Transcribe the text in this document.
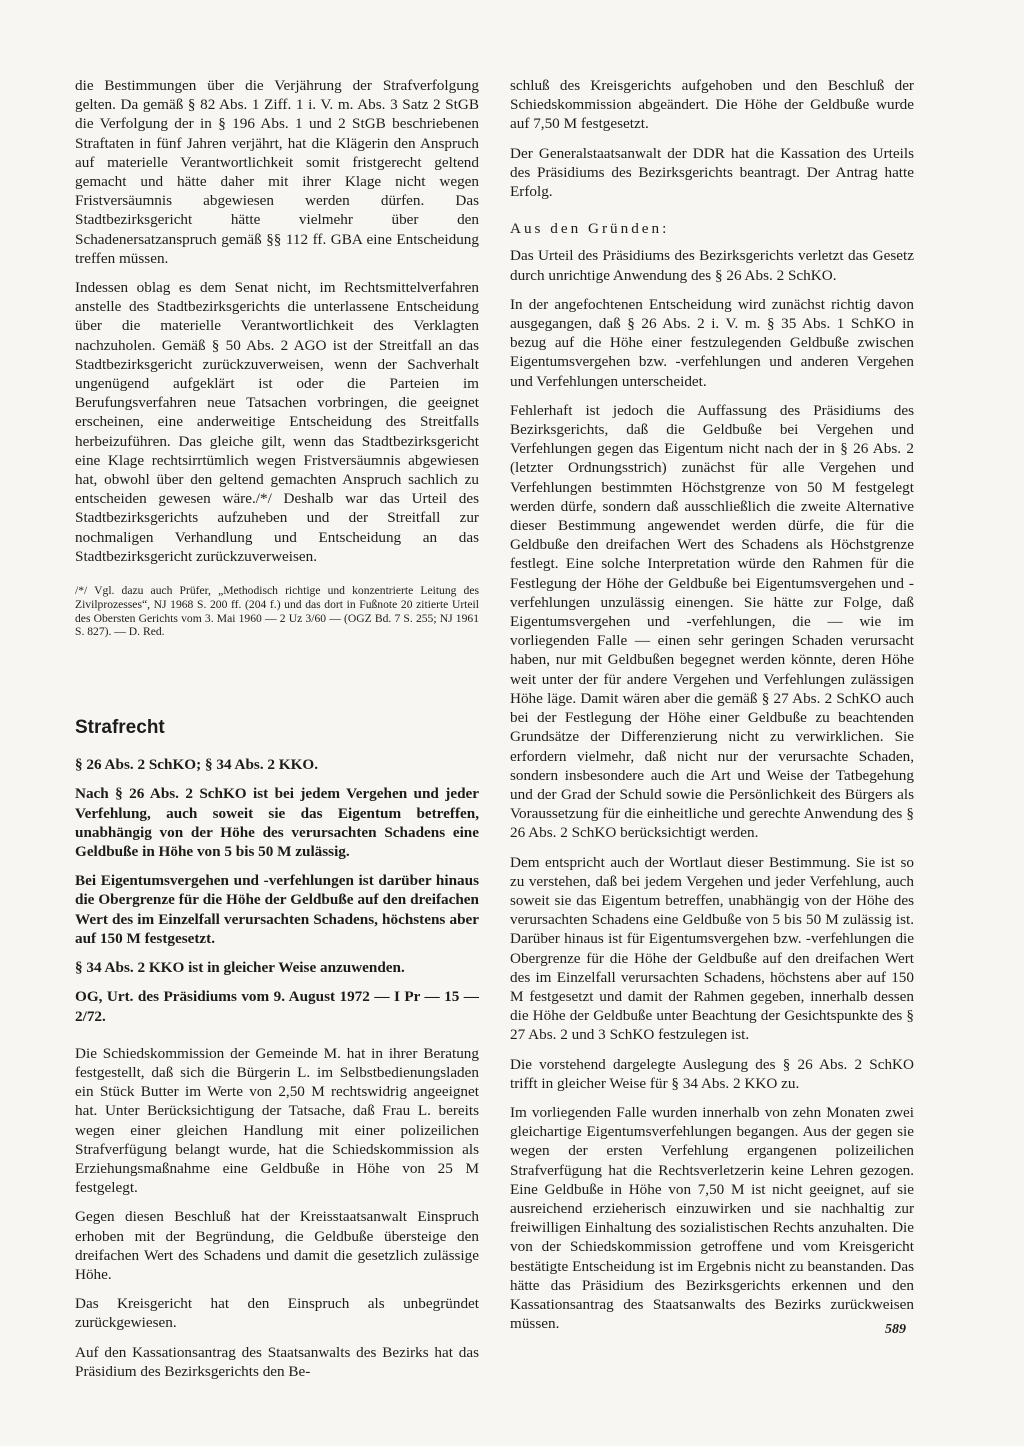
die Bestimmungen über die Verjährung der Strafverfolgung gelten. Da gemäß § 82 Abs. 1 Ziff. 1 i. V. m. Abs. 3 Satz 2 StGB die Verfolgung der in § 196 Abs. 1 und 2 StGB beschriebenen Straftaten in fünf Jahren verjährt, hat die Klägerin den Anspruch auf materielle Verantwortlichkeit somit fristgerecht geltend gemacht und hätte daher mit ihrer Klage nicht wegen Fristversäumnis abgewiesen werden dürfen. Das Stadtbezirksgericht hätte vielmehr über den Schadenersatzanspruch gemäß §§ 112 ff. GBA eine Entscheidung treffen müssen.

Indessen oblag es dem Senat nicht, im Rechtsmittelverfahren anstelle des Stadtbezirksgerichts die unterlassene Entscheidung über die materielle Verantwortlichkeit des Verklagten nachzuholen. Gemäß § 50 Abs. 2 AGO ist der Streitfall an das Stadtbezirksgericht zurückzuverweisen, wenn der Sachverhalt ungenügend aufgeklärt ist oder die Parteien im Berufungsverfahren neue Tatsachen vorbringen, die geeignet erscheinen, eine anderweitige Entscheidung des Streitfalls herbeizuführen. Das gleiche gilt, wenn das Stadtbezirksgericht eine Klage rechtsirrtümlich wegen Fristversäumnis abgewiesen hat, obwohl über den geltend gemachten Anspruch sachlich zu entscheiden gewesen wäre./*/ Deshalb war das Urteil des Stadtbezirksgerichts aufzuheben und der Streitfall zur nochmaligen Verhandlung und Entscheidung an das Stadtbezirksgericht zurückzuverweisen.

/*/ Vgl. dazu auch Prüfer, „Methodisch richtige und konzentrierte Leitung des Zivilprozesses“, NJ 1968 S. 200 ff. (204 f.) und das dort in Fußnote 20 zitierte Urteil des Obersten Gerichts vom 3. Mai 1960 — 2 Uz 3/60 — (OGZ Bd. 7 S. 255; NJ 1961 S. 827). — D. Red.
Strafrecht

§ 26 Abs. 2 SchKO; § 34 Abs. 2 KKO.

Nach § 26 Abs. 2 SchKO ist bei jedem Vergehen und jeder Verfehlung, auch soweit sie das Eigentum betreffen, unabhängig von der Höhe des verursachten Schadens eine Geldbuße in Höhe von 5 bis 50 M zulässig.

Bei Eigentumsvergehen und -verfehlungen ist darüber hinaus die Obergrenze für die Höhe der Geldbuße auf den dreifachen Wert des im Einzelfall verursachten Schadens, höchstens aber auf 150 M festgesetzt.

§ 34 Abs. 2 KKO ist in gleicher Weise anzuwenden.

OG, Urt. des Präsidiums vom 9. August 1972 — I Pr — 15 — 2/72.

Die Schiedskommission der Gemeinde M. hat in ihrer Beratung festgestellt, daß sich die Bürgerin L. im Selbstbedienungsladen ein Stück Butter im Werte von 2,50 M rechtswidrig angeeignet hat. Unter Berücksichtigung der Tatsache, daß Frau L. bereits wegen einer gleichen Handlung mit einer polizeilichen Strafverfügung belangt wurde, hat die Schiedskommission als Erziehungsmaßnahme eine Geldbuße in Höhe von 25 M festgelegt.

Gegen diesen Beschluß hat der Kreisstaatsanwalt Einspruch erhoben mit der Begründung, die Geldbuße übersteige den dreifachen Wert des Schadens und damit die gesetzlich zulässige Höhe.

Das Kreisgericht hat den Einspruch als unbegründet zurückgewiesen.

Auf den Kassationsantrag des Staatsanwalts des Bezirks hat das Präsidium des Bezirksgerichts den Be-

schluß des Kreisgerichts aufgehoben und den Beschluß der Schiedskommission abgeändert. Die Höhe der Geldbuße wurde auf 7,50 M festgesetzt.

Der Generalstaatsanwalt der DDR hat die Kassation des Urteils des Präsidiums des Bezirksgerichts beantragt. Der Antrag hatte Erfolg.

Aus den Gründen:

Das Urteil des Präsidiums des Bezirksgerichts verletzt das Gesetz durch unrichtige Anwendung des § 26 Abs. 2 SchKO.

In der angefochtenen Entscheidung wird zunächst richtig davon ausgegangen, daß § 26 Abs. 2 i. V. m. § 35 Abs. 1 SchKO in bezug auf die Höhe einer festzulegenden Geldbuße zwischen Eigentumsvergehen bzw. -verfehlungen und anderen Vergehen und Verfehlungen unterscheidet.

Fehlerhaft ist jedoch die Auffassung des Präsidiums des Bezirksgerichts, daß die Geldbuße bei Vergehen und Verfehlungen gegen das Eigentum nicht nach der in § 26 Abs. 2 (letzter Ordnungsstrich) zunächst für alle Vergehen und Verfehlungen bestimmten Höchstgrenze von 50 M festgelegt werden dürfe, sondern daß ausschließlich die zweite Alternative dieser Bestimmung angewendet werden dürfe, die für die Geldbuße den dreifachen Wert des Schadens als Höchstgrenze festlegt. Eine solche Interpretation würde den Rahmen für die Festlegung der Höhe der Geldbuße bei Eigentumsvergehen und -verfehlungen unzulässig einengen. Sie hätte zur Folge, daß Eigentumsvergehen und -verfehlungen, die — wie im vorliegenden Falle — einen sehr geringen Schaden verursacht haben, nur mit Geldbußen begegnet werden könnte, deren Höhe weit unter der für andere Vergehen und Verfehlungen zulässigen Höhe läge. Damit wären aber die gemäß § 27 Abs. 2 SchKO auch bei der Festlegung der Höhe einer Geldbuße zu beachtenden Grundsätze der Differenzierung nicht zu verwirklichen. Sie erfordern vielmehr, daß nicht nur der verursachte Schaden, sondern insbesondere auch die Art und Weise der Tatbegehung und der Grad der Schuld sowie die Persönlichkeit des Bürgers als Voraussetzung für die einheitliche und gerechte Anwendung des § 26 Abs. 2 SchKO berücksichtigt werden.

Dem entspricht auch der Wortlaut dieser Bestimmung. Sie ist so zu verstehen, daß bei jedem Vergehen und jeder Verfehlung, auch soweit sie das Eigentum betreffen, unabhängig von der Höhe des verursachten Schadens eine Geldbuße von 5 bis 50 M zulässig ist. Darüber hinaus ist für Eigentumsvergehen bzw. -verfehlungen die Obergrenze für die Höhe der Geldbuße auf den dreifachen Wert des im Einzelfall verursachten Schadens, höchstens aber auf 150 M festgesetzt und damit der Rahmen gegeben, innerhalb dessen die Höhe der Geldbuße unter Beachtung der Gesichtspunkte des § 27 Abs. 2 und 3 SchKO festzulegen ist.

Die vorstehend dargelegte Auslegung des § 26 Abs. 2 SchKO trifft in gleicher Weise für § 34 Abs. 2 KKO zu.

Im vorliegenden Falle wurden innerhalb von zehn Monaten zwei gleichartige Eigentumsverfehlungen begangen. Aus der gegen sie wegen der ersten Verfehlung ergangenen polizeilichen Strafverfügung hat die Rechtsverletzerin keine Lehren gezogen. Eine Geldbuße in Höhe von 7,50 M ist nicht geeignet, auf sie ausreichend erzieherisch einzuwirken und sie nachhaltig zur freiwilligen Einhaltung des sozialistischen Rechts anzuhalten. Die von der Schiedskommission getroffene und vom Kreisgericht bestätigte Entscheidung ist im Ergebnis nicht zu beanstanden. Das hätte das Präsidium des Bezirksgerichts erkennen und den Kassationsantrag des Staatsanwalts des Bezirks zurückweisen müssen.	589
